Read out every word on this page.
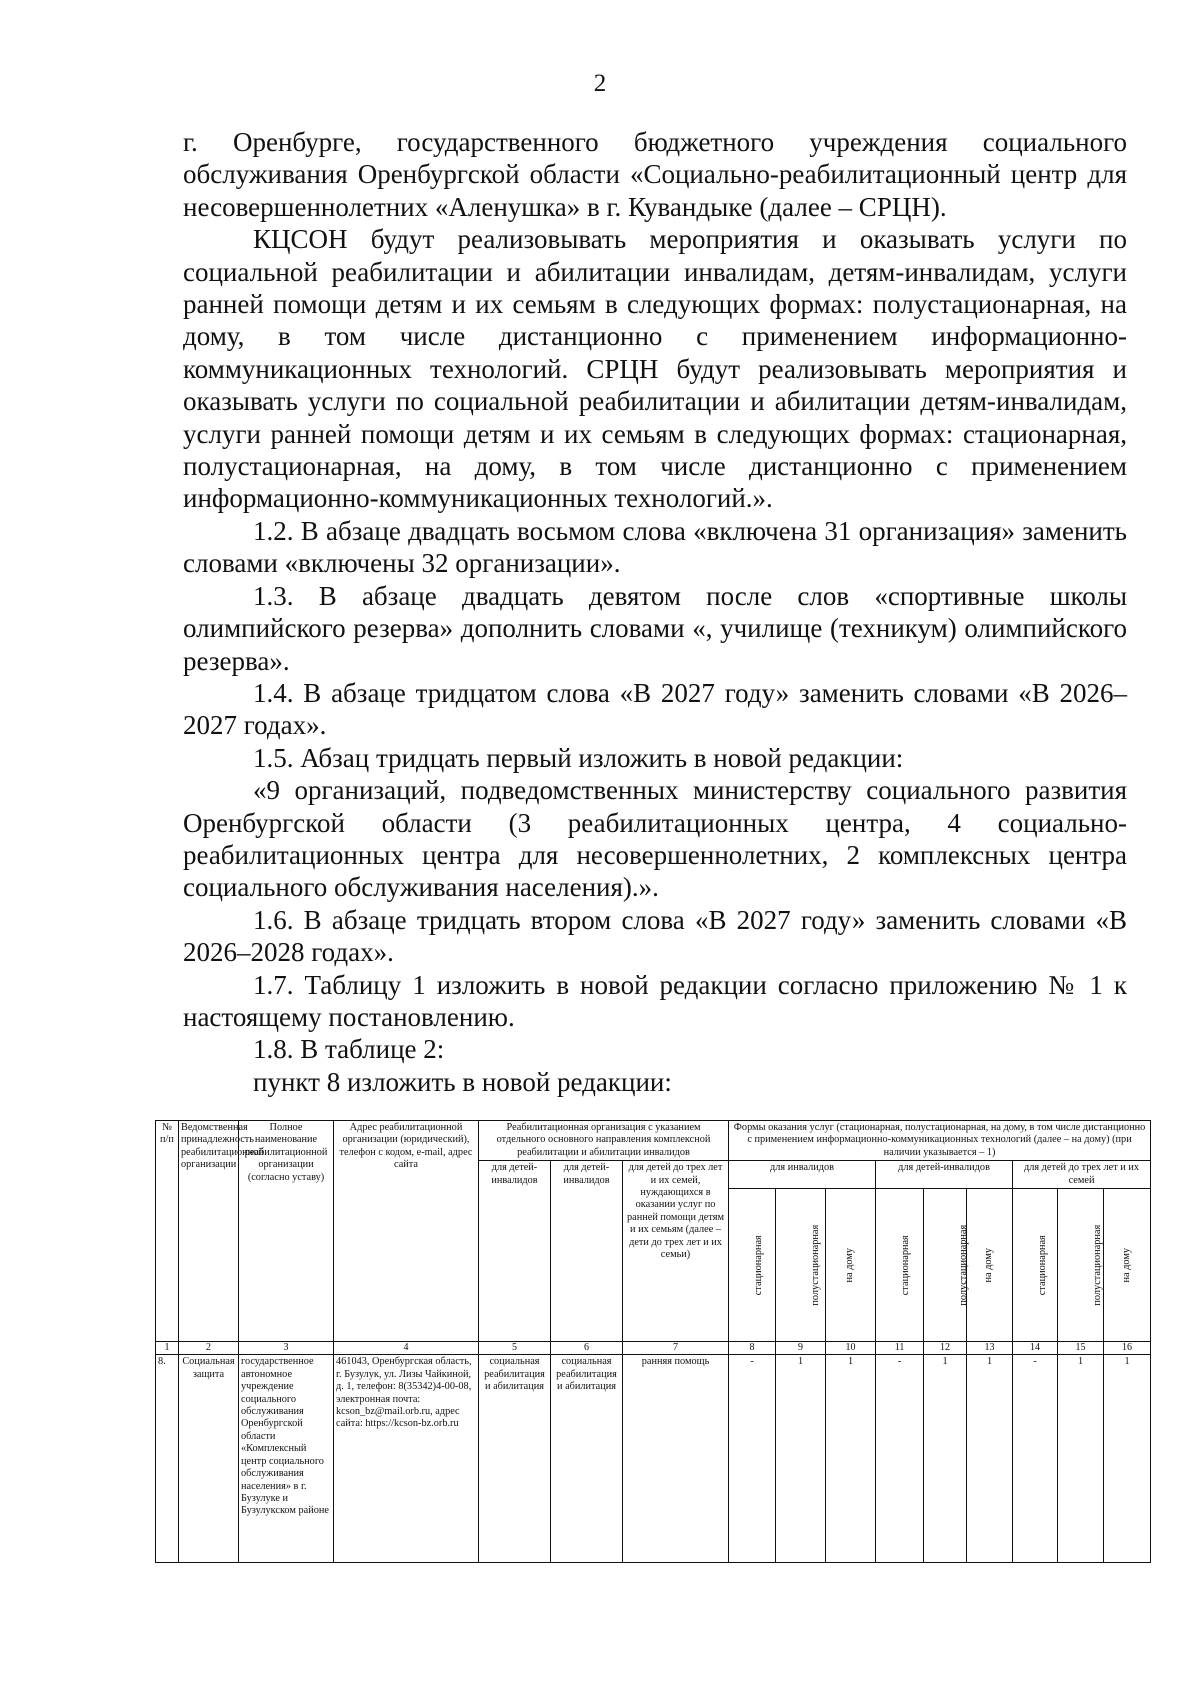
2

г. Оренбурге, государственного бюджетного учреждения социального обслуживания Оренбургской области «Социально-реабилитационный центр для несовершеннолетних «Аленушка» в г. Кувандыке (далее – СРЦН).

КЦСОН будут реализовывать мероприятия и оказывать услуги по социальной реабилитации и абилитации инвалидам, детям-инвалидам, услуги ранней помощи детям и их семьям в следующих формах: полустационарная, на дому, в том числе дистанционно с применением информационно-коммуникационных технологий. СРЦН будут реализовывать мероприятия и оказывать услуги по социальной реабилитации и абилитации детям-инвалидам, услуги ранней помощи детям и их семьям в следующих формах: стационарная, полустационарная, на дому, в том числе дистанционно с применением информационно-коммуникационных технологий.».

1.2. В абзаце двадцать восьмом слова «включена 31 организация» заменить словами «включены 32 организации».

1.3. В абзаце двадцать девятом после слов «спортивные школы олимпийского резерва» дополнить словами «, училище (техникум) олимпийского резерва».

1.4. В абзаце тридцатом слова «В 2027 году» заменить словами «В 2026–2027 годах».

1.5. Абзац тридцать первый изложить в новой редакции:

«9 организаций, подведомственных министерству социального развития Оренбургской области (3 реабилитационных центра, 4 социально-реабилитационных центра для несовершеннолетних, 2 комплексных центра социального обслуживания населения).».

1.6. В абзаце тридцать втором слова «В 2027 году» заменить словами «В 2026–2028 годах».

1.7. Таблицу 1 изложить в новой редакции согласно приложению № 1 к настоящему постановлению.

1.8. В таблице 2:

пункт 8 изложить в новой редакции:

№ п/п	Ведомственная принадлежность реабилитационной организации	Полное наименование реабилитационной организации (согласно уставу)	Адрес реабилитационной организации (юридический), телефон с кодом, e-mail, адрес сайта	Реабилитационная организация с указанием отдельного основного направления комплексной реабилитации и абилитации инвалидов			Формы оказания услуг (стационарная, полустационарная, на дому, в том числе дистанционно с применением информационно-коммуникационных технологий (далее – на дому) (при наличии указывается – 1)								
				для детей-инвалидов	для детей-инвалидов	для детей до трех лет и их семей, нуждающихся в оказании услуг по ранней помощи детям и их семьям (далее – дети до трех лет и их семьи)	для инвалидов			для детей-инвалидов			для детей до трех лет и их семей		
							стационарная	полустационарная	на дому	стационарная	полустационарная	на дому	стационарная	полустационарная	на дому
1	2	3	4	5	6	7	8	9	10	11	12	13	14	15	16
8.	Социальная защита	государственное автономное учреждение социального обслуживания Оренбургской области «Комплексный центр социального обслуживания населения» в г. Бузулуке и Бузулукском районе	461043, Оренбургская область, г. Бузулук, ул. Лизы Чайкиной, д. 1, телефон: 8(35342)4-00-08, электронная почта: kcson_bz@mail.orb.ru, адрес сайта: https://kcson-bz.orb.ru	социальная реабилитация и абилитация	социальная реабилитация и абилитация	ранняя помощь	-	1	1	-	1	1	-	1	1
